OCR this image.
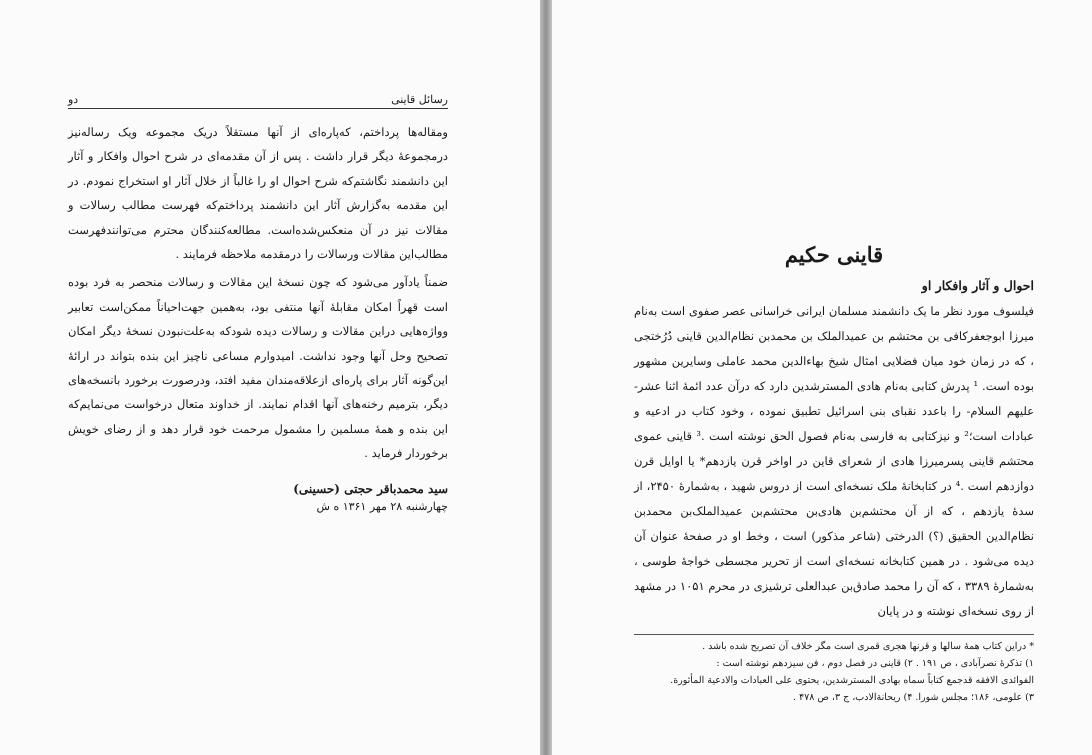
رسائل قاینی
دو

ومقاله‌ها پرداختم، که‌پاره‌ای از آنها مستقلاً دریک مجموعه ویک رساله‌نیز درمجموعهٔ دیگر قرار داشت . پس از آن مقدمه‌ای در شرح احوال وافکار و آثار این دانشمند نگاشتم‌که شرح احوال او را غالباً از خلال آثار او استخراج نمودم. در این مقدمه به‌گزارش آثار این دانشمند پرداختم‌که فهرست مطالب رسالات و مقالات نیز در آن منعکس‌شده‌است. مطالعه‌کنندگان محترم می‌توانندفهرست مطالب‌این مقالات ورسالات را درمقدمه ملاحظه فرمایند .

ضمناً یادآور می‌شود که چون نسخهٔ این مقالات و رسالات منحصر به فرد بوده است قهراً امکان مقابلهٔ آنها منتفی بود، به‌همین جهت‌احیاناً ممکن‌است تعابیر وواژه‌هایی دراین مقالات و رسالات دیده شودکه به‌علت‌نبودن نسخهٔ دیگر امکان تصحیح وحل آنها وجود نداشت. امیدوارم مساعی ناچیز این بنده بتواند در ارائهٔ این‌گونه آثار برای پاره‌ای ازعلاقه‌مندان مفید افتد، ودرصورت برخورد بانسخه‌های دیگر، بترمیم رخنه‌های آنها اقدام نمایند. از خداوند متعال درخواست می‌نمایم‌که این بنده و همهٔ مسلمین را مشمول مرحمت خود قرار دهد و از رضای خویش برخوردار فرماید .

سید محمدباقر حجتی (حسینی)
چهارشنبه ۲۸ مهر ۱۳۶۱ ه ش
قاینی حکیم
احوال و آثار وافکار او

فیلسوف مورد نظر ما یک دانشمند مسلمان ایرانی خراسانی عصر صفوی است به‌نام میرزا ابوجعفرکافی بن محتشم بن عمیدالملک بن محمدبن نظام‌الدین قاینی دُرُختجی ، که در زمان خود میان فضلایی امثال شیخ بهاءالدین محمد عاملی وسایرین مشهور بوده است. ¹ پدرش کتابی به‌نام هادی المسترشدین دارد که درآن عدد ائمهٔ اثنا عشر- علیهم السلام- را باعدد نقبای بنی اسرائیل تطبیق نموده ، وخود کتاب در ادعیه و عبادات است؛² و نیزکتابی به فارسی به‌نام فصول الحق نوشته است .³ قاینی عموی محتشم قاینی پسرمیرزا هادی از شعرای قاین در اواخر قرن یازدهم* یا اوایل قرن دوازدهم است .⁴ در کتابخانهٔ ملک نسخه‌ای است از دروس شهید ، به‌شمارهٔ ۲۴۵۰، از سدهٔ یازدهم ، که از آن محتشم‌بن هادی‌بن محتشم‌بن عمیدالملک‌بن محمدبن نظام‌الدین الحقیق (؟) الدرختی (شاعر مذکور) است ، وخط او در صفحهٔ عنوان آن دیده می‌شود . در همین کتابخانه نسخه‌ای است از تحریر مجسطی خواجهٔ طوسی ، به‌شمارهٔ ۳۳۸۹ ، که آن را محمد صادق‌بن عبدالعلی ترشیزی در محرم ۱۰۵۱ در مشهد از روی نسخه‌ای نوشته و در پایان

* دراین کتاب همهٔ سالها و قرنها هجری قمری است مگر خلاف آن تصریح شده باشد .

۱) تذکرهٔ نصرآبادی ، ص ۱۹۱ . ۲) قاینی در فصل دوم ، فن سیزدهم نوشته است :

الفوائدی الافقه قدجمع کتاباً سماه بهادی المسترشدین، یحتوی علی العبادات والادعیة المأثورة.

۳) علومی، ۱۸۶؛ مجلس شورا. ۴) ریحانةالادب، ج ۳، ص ۴۷۸ .
